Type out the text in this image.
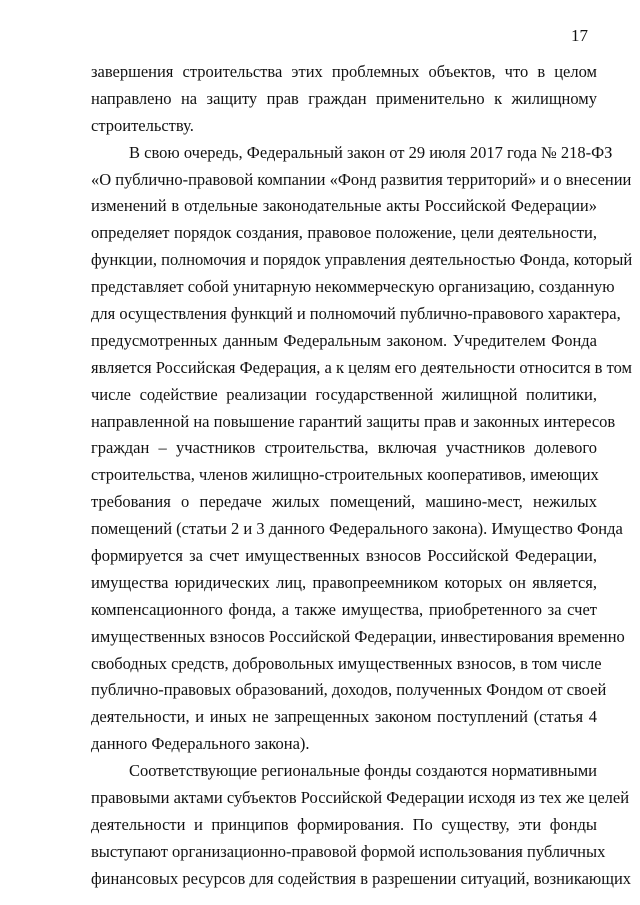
17
завершения строительства этих проблемных объектов, что в целом
направлено на защиту прав граждан применительно к жилищному
строительству.
В свою очередь, Федеральный закон от 29 июля 2017 года № 218-ФЗ
«О публично-правовой компании «Фонд развития территорий» и о внесении
изменений в отдельные законодательные акты Российской Федерации»
определяет порядок создания, правовое положение, цели деятельности,
функции, полномочия и порядок управления деятельностью Фонда, который
представляет собой унитарную некоммерческую организацию, созданную
для осуществления функций и полномочий публично-правового характера,
предусмотренных данным Федеральным законом. Учредителем Фонда
является Российская Федерация, а к целям его деятельности относится в том
числе содействие реализации государственной жилищной политики,
направленной на повышение гарантий защиты прав и законных интересов
граждан – участников строительства, включая участников долевого
строительства, членов жилищно-строительных кооперативов, имеющих
требования о передаче жилых помещений, машино-мест, нежилых
помещений (статьи 2 и 3 данного Федерального закона). Имущество Фонда
формируется за счет имущественных взносов Российской Федерации,
имущества юридических лиц, правопреемником которых он является,
компенсационного фонда, а также имущества, приобретенного за счет
имущественных взносов Российской Федерации, инвестирования временно
свободных средств, добровольных имущественных взносов, в том числе
публично-правовых образований, доходов, полученных Фондом от своей
деятельности, и иных не запрещенных законом поступлений (статья 4
данного Федерального закона).
Соответствующие региональные фонды создаются нормативными
правовыми актами субъектов Российской Федерации исходя из тех же целей
деятельности и принципов формирования. По существу, эти фонды
выступают организационно-правовой формой использования публичных
финансовых ресурсов для содействия в разрешении ситуаций, возникающих
